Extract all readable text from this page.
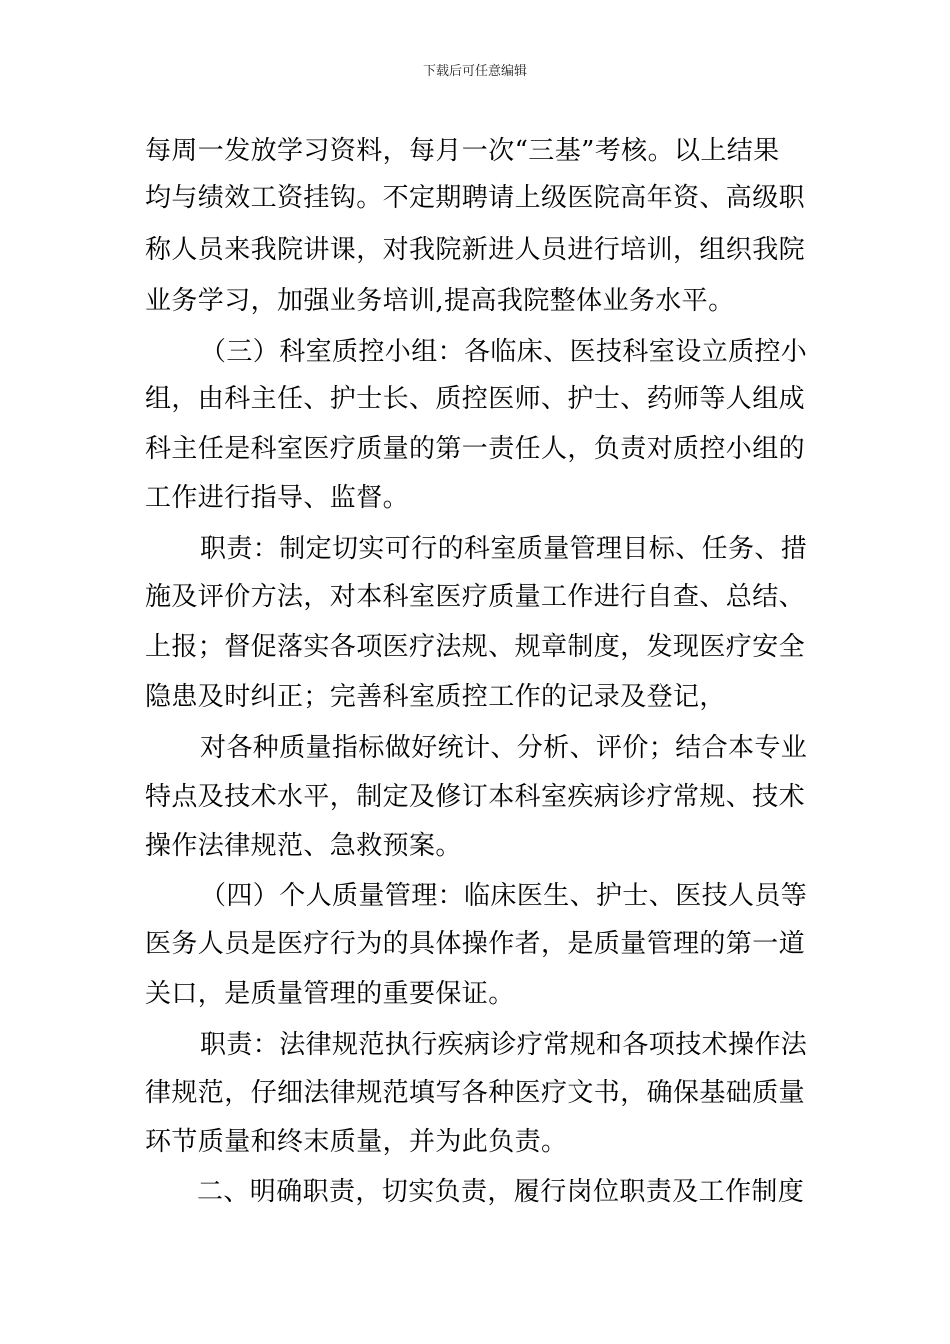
下载后可任意编辑
每周一发放学习资料，每月一次“三基”考核。以上结果
均与绩效工资挂钩。不定期聘请上级医院高年资、高级职
称人员来我院讲课，对我院新进人员进行培训，组织我院
业务学习，加强业务培训,提高我院整体业务水平。
（三）科室质控小组：各临床、医技科室设立质控小
组，由科主任、护士长、质控医师、护士、药师等人组成
科主任是科室医疗质量的第一责任人，负责对质控小组的
工作进行指导、监督。
职责：制定切实可行的科室质量管理目标、任务、措
施及评价方法，对本科室医疗质量工作进行自查、总结、
上报；督促落实各项医疗法规、规章制度，发现医疗安全
隐患及时纠正；完善科室质控工作的记录及登记，
对各种质量指标做好统计、分析、评价；结合本专业
特点及技术水平，制定及修订本科室疾病诊疗常规、技术
操作法律规范、急救预案。
（四）个人质量管理：临床医生、护士、医技人员等
医务人员是医疗行为的具体操作者，是质量管理的第一道
关口，是质量管理的重要保证。
职责：法律规范执行疾病诊疗常规和各项技术操作法
律规范，仔细法律规范填写各种医疗文书，确保基础质量
环节质量和终末质量，并为此负责。
二、明确职责，切实负责，履行岗位职责及工作制度
